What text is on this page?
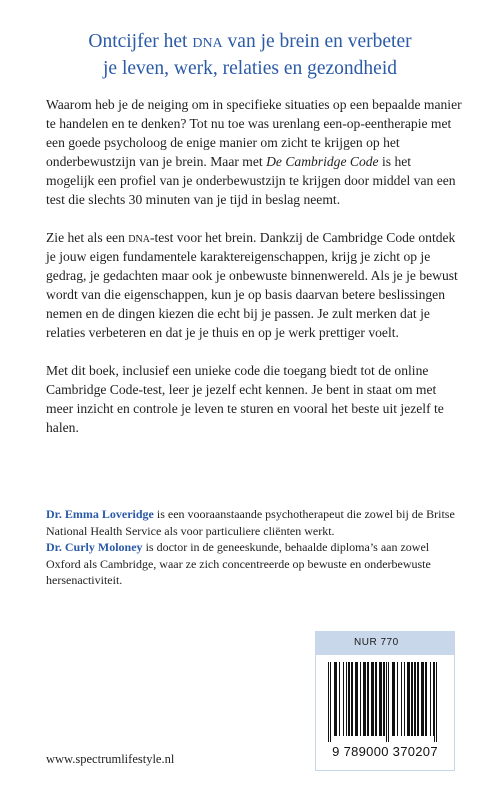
Ontcijfer het dna van je brein en verbeter
je leven, werk, relaties en gezondheid

Waarom heb je de neiging om in specifieke situaties op een bepaalde manier te handelen en te denken? Tot nu toe was urenlang een-op-eentherapie met een goede psycholoog de enige manier om zicht te krijgen op het onderbewustzijn van je brein. Maar met De Cambridge Code is het mogelijk een profiel van je onderbewustzijn te krijgen door middel van een test die slechts 30 minuten van je tijd in beslag neemt.

Zie het als een dna-test voor het brein. Dankzij de Cambridge Code ontdek je jouw eigen fundamentele karaktereigenschappen, krijg je zicht op je gedrag, je gedachten maar ook je onbewuste binnenwereld. Als je je bewust wordt van die eigenschappen, kun je op basis daarvan betere beslissingen nemen en de dingen kiezen die echt bij je passen. Je zult merken dat je relaties verbeteren en dat je je thuis en op je werk prettiger voelt.

Met dit boek, inclusief een unieke code die toegang biedt tot de online Cambridge Code-test, leer je jezelf echt kennen. Je bent in staat om met meer inzicht en controle je leven te sturen en vooral het beste uit jezelf te halen.

Dr. Emma Loveridge is een vooraanstaande psychotherapeut die zowel bij de Britse National Health Service als voor particuliere cliënten werkt.

Dr. Curly Moloney is doctor in de geneeskunde, behaalde diploma’s aan zowel Oxford als Cambridge, waar ze zich concentreerde op bewuste en onderbewuste hersenactiviteit.

NUR 770
9 789000 370207
www.spectrumlifestyle.nl
